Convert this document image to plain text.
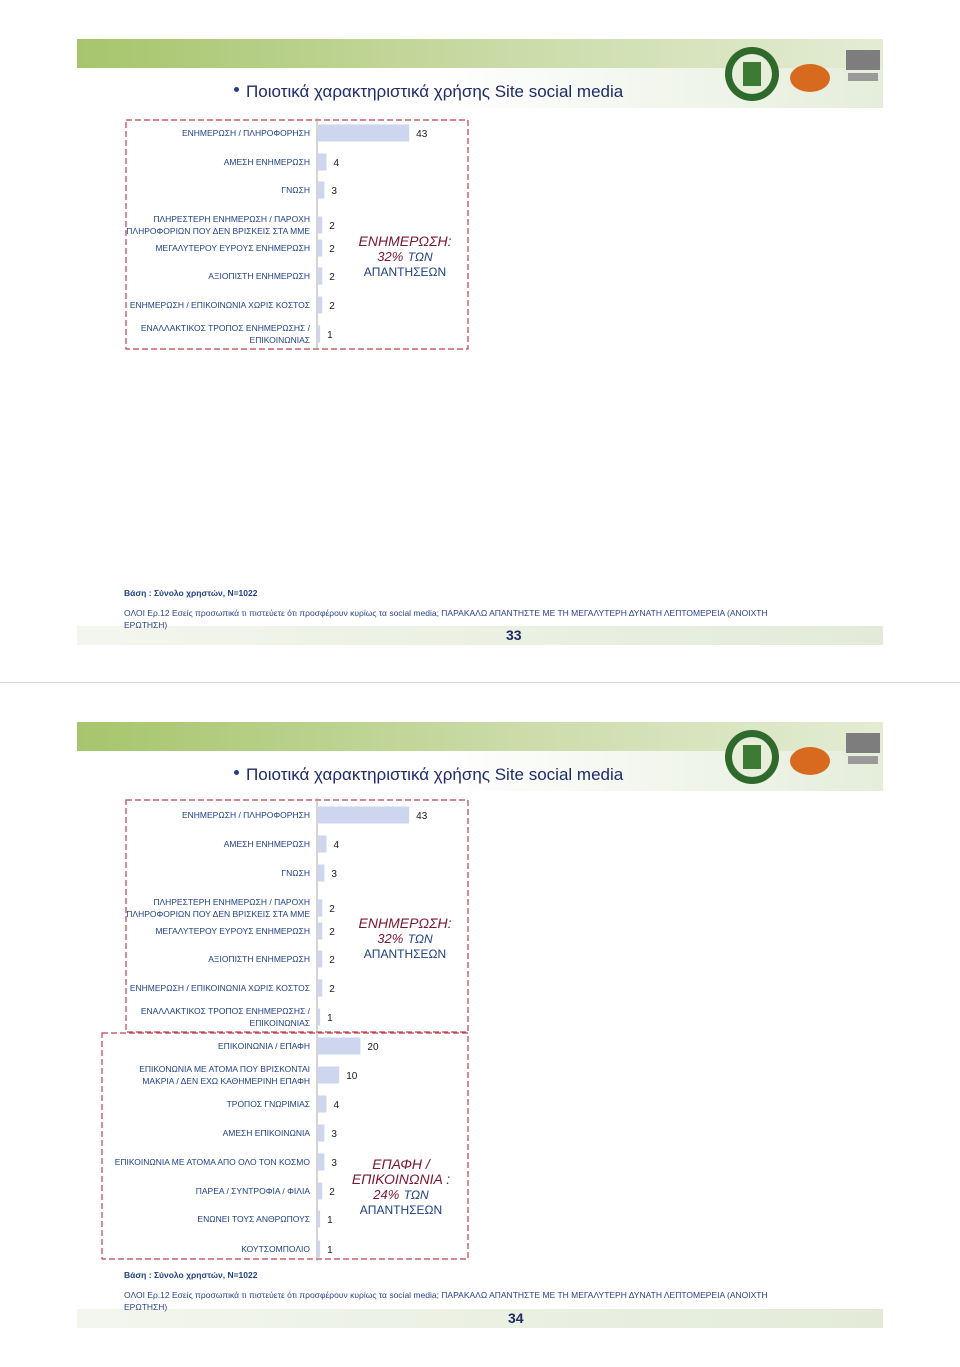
Ποιοτικά χαρακτηριστικά χρήσης Site social media
43
ΕΝΗΜΕΡΩΣΗ / ΠΛΗΡΟΦΟΡΗΣΗ
4
ΑΜΕΣΗ ΕΝΗΜΕΡΩΣΗ
3
ΓΝΩΣΗ
2
ΠΛΗΡΕΣΤΕΡΗ ΕΝΗΜΕΡΩΣΗ / ΠΑΡΟΧΗ
ΠΛΗΡΟΦΟΡΙΩΝ ΠΟΥ ΔΕΝ ΒΡΙΣΚΕΙΣ ΣΤΑ ΜΜΕ
2
ΜΕΓΑΛΥΤΕΡΟΥ ΕΥΡΟΥΣ ΕΝΗΜΕΡΩΣΗ
2
ΑΞΙΟΠΙΣΤΗ ΕΝΗΜΕΡΩΣΗ
2
ΕΝΗΜΕΡΩΣΗ / ΕΠΙΚΟΙΝΩΝΙΑ ΧΩΡΙΣ ΚΟΣΤΟΣ
1
ΕΝΑΛΛΑΚΤΙΚΟΣ ΤΡΟΠΟΣ ΕΝΗΜΕΡΩΣΗΣ /
ΕΠΙΚΟΙΝΩΝΙΑΣ
ΕΝΗΜΕΡΩΣΗ:
32% ΤΩΝ
ΑΠΑΝΤΗΣΕΩΝ
Βάση : Σύνολο χρηστών, N=1022
ΟΛΟΙ Ερ.12 Εσείς προσωπικά τι πιστεύετε ότι προσφέρουν κυρίως τα social media; ΠΑΡΑΚΑΛΩ ΑΠΑΝΤΗΣΤΕ ΜΕ ΤΗ ΜΕΓΑΛΥΤΕΡΗ ΔΥΝΑΤΗ ΛΕΠΤΟΜΕΡΕΙΑ (ΑΝΟΙΧΤΗ ΕΡΩΤΗΣΗ)
33
Ποιοτικά χαρακτηριστικά χρήσης Site social media
43
ΕΝΗΜΕΡΩΣΗ / ΠΛΗΡΟΦΟΡΗΣΗ
4
ΑΜΕΣΗ ΕΝΗΜΕΡΩΣΗ
3
ΓΝΩΣΗ
2
ΠΛΗΡΕΣΤΕΡΗ ΕΝΗΜΕΡΩΣΗ / ΠΑΡΟΧΗ
ΠΛΗΡΟΦΟΡΙΩΝ ΠΟΥ ΔΕΝ ΒΡΙΣΚΕΙΣ ΣΤΑ ΜΜΕ
2
ΜΕΓΑΛΥΤΕΡΟΥ ΕΥΡΟΥΣ ΕΝΗΜΕΡΩΣΗ
2
ΑΞΙΟΠΙΣΤΗ ΕΝΗΜΕΡΩΣΗ
2
ΕΝΗΜΕΡΩΣΗ / ΕΠΙΚΟΙΝΩΝΙΑ ΧΩΡΙΣ ΚΟΣΤΟΣ
1
ΕΝΑΛΛΑΚΤΙΚΟΣ ΤΡΟΠΟΣ ΕΝΗΜΕΡΩΣΗΣ /
ΕΠΙΚΟΙΝΩΝΙΑΣ
20
ΕΠΙΚΟΙΝΩΝΙΑ / ΕΠΑΦΗ
10
ΕΠΙΚΟΝΩΝΙΑ ΜΕ ΑΤΟΜΑ ΠΟΥ ΒΡΙΣΚΟΝΤΑΙ
ΜΑΚΡΙΑ / ΔΕΝ ΕΧΩ ΚΑΘΗΜΕΡΙΝΗ ΕΠΑΦΗ
4
ΤΡΟΠΟΣ ΓΝΩΡΙΜΙΑΣ
3
ΑΜΕΣΗ ΕΠΙΚΟΙΝΩΝΙΑ
3
ΕΠΙΚΟΙΝΩΝΙΑ ΜΕ ΑΤΟΜΑ ΑΠΟ ΟΛΟ ΤΟΝ ΚΟΣΜΟ
2
ΠΑΡΕΑ / ΣΥΝΤΡΟΦΙΑ / ΦΙΛΙΑ
1
ΕΝΩΝΕΙ ΤΟΥΣ ΑΝΘΡΩΠΟΥΣ
1
ΚΟΥΤΣΟΜΠΟΛΙΟ
ΕΝΗΜΕΡΩΣΗ:
32% ΤΩΝ
ΑΠΑΝΤΗΣΕΩΝ
ΕΠΑΦΗ /
ΕΠΙΚΟΙΝΩΝΙΑ :
24% ΤΩΝ
ΑΠΑΝΤΗΣΕΩΝ
Βάση : Σύνολο χρηστών, N=1022
ΟΛΟΙ Ερ.12 Εσείς προσωπικά τι πιστεύετε ότι προσφέρουν κυρίως τα social media; ΠΑΡΑΚΑΛΩ ΑΠΑΝΤΗΣΤΕ ΜΕ ΤΗ ΜΕΓΑΛΥΤΕΡΗ ΔΥΝΑΤΗ ΛΕΠΤΟΜΕΡΕΙΑ (ΑΝΟΙΧΤΗ ΕΡΩΤΗΣΗ)
34
